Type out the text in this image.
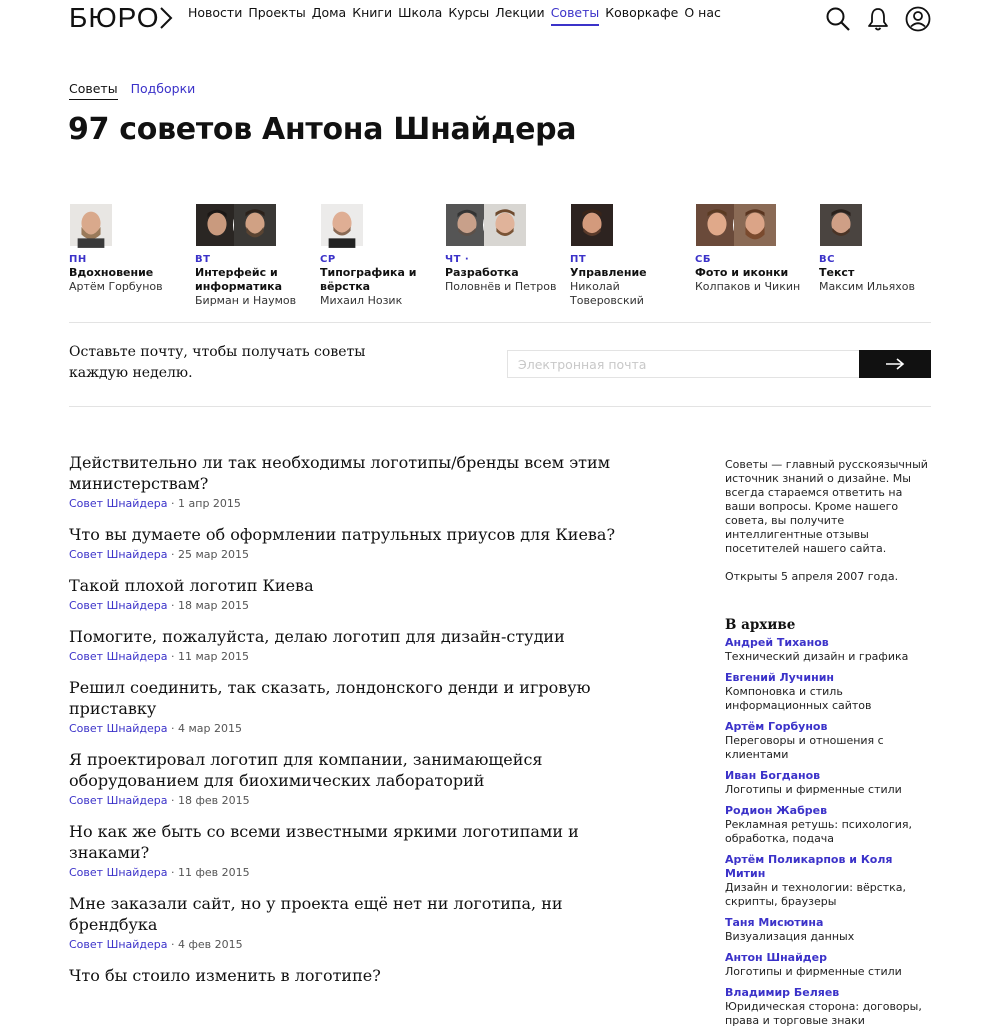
БЮРО	Новости Проекты Дома Книги Школа Курсы Лекции Советы Коворкафе О нас
Советы Подборки
97 советов Антона Шнайдера
ПН
Вдохновение
Артём Горбунов
ВТ
Интерфейс и информатика
Бирман и Наумов
СР
Типографика и вёрстка
Михаил Нозик
ЧТ ·
Разработка
Половнёв и Петров
ПТ
Управление
Николай Товеровский
СБ
Фото и иконки
Колпаков и Чикин
ВС
Текст
Максим Ильяхов
Оставьте почту, чтобы получать советы каждую неделю.
Электронная почта
Действительно ли так необходимы логотипы/бренды всем этим министерствам?
Совет Шнайдера · 1 апр 2015
Что вы думаете об оформлении патрульных приусов для Киева?
Совет Шнайдера · 25 мар 2015
Такой плохой логотип Киева
Совет Шнайдера · 18 мар 2015
Помогите, пожалуйста, делаю логотип для дизайн-студии
Совет Шнайдера · 11 мар 2015
Решил соединить, так сказать, лондонского денди и игровую приставку
Совет Шнайдера · 4 мар 2015
Я проектировал логотип для компании, занимающейся оборудованием для биохимических лабораторий
Совет Шнайдера · 18 фев 2015
Но как же быть со всеми известными яркими логотипами и знаками?
Совет Шнайдера · 11 фев 2015
Мне заказали сайт, но у проекта ещё нет ни логотипа, ни брендбука
Совет Шнайдера · 4 фев 2015
Что бы стоило изменить в логотипе?

Советы — главный русскоязычный источник знаний о дизайне. Мы всегда стараемся ответить на ваши вопросы. Кроме нашего совета, вы получите интеллигентные отзывы посетителей нашего сайта.

Открыты 5 апреля 2007 года.

В архиве
Андрей Тиханов
Технический дизайн и графика
Евгений Лучинин
Компоновка и стиль информационных сайтов
Артём Горбунов
Переговоры и отношения с клиентами
Иван Богданов
Логотипы и фирменные стили
Родион Жабрев
Рекламная ретушь: психология, обработка, подача
Артём Поликарпов и Коля Митин
Дизайн и технологии: вёрстка, скрипты, браузеры
Таня Мисютина
Визуализация данных
Антон Шнайдер
Логотипы и фирменные стили
Владимир Беляев
Юридическая сторона: договоры, права и торговые знаки
